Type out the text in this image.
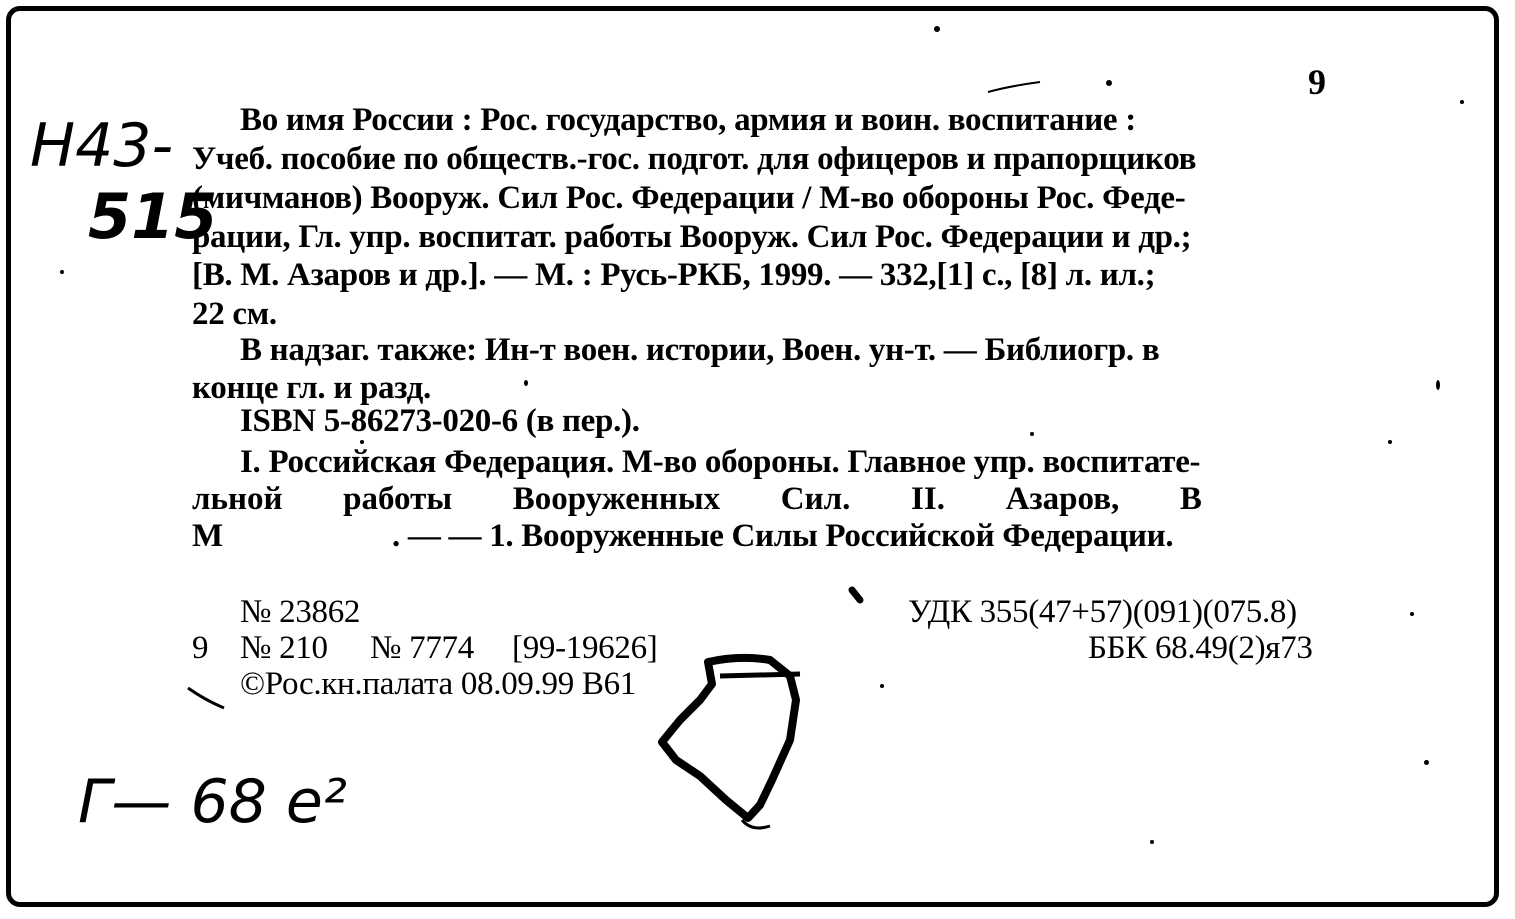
Н43-
515
9
Во имя России : Рос. государство, армия и воин. воспитание :
Учеб. пособие по обществ.-гос. подгот. для офицеров и прапорщиков
(мичманов) Вооруж. Сил Рос. Федерации / М-во обороны Рос. Феде-
рации, Гл. упр. воспитат. работы Вооруж. Сил Рос. Федерации и др.;
[В. М. Азаров и др.]. — М. : Русь-РКБ, 1999. — 332,[1] с., [8] л. ил.;
22 см.
В надзаг. также: Ин-т воен. истории, Воен. ун-т. — Библиогр. в
конце гл. и разд.
ISBN 5-86273-020-6 (в пер.).
I. Российская Федерация. М-во обороны. Главное упр. воспитате-
льной работы Вооруженных Сил. II. Азаров, В
М	. — — 1. Вооруженные Силы Российской Федерации.
№ 23862	УДК 355(47+57)(091)(075.8)
9 № 210 № 7774 [99-19626]	ББК 68.49(2)я73
©Рос.кн.палата 08.09.99 В61
Г— 68 е²
